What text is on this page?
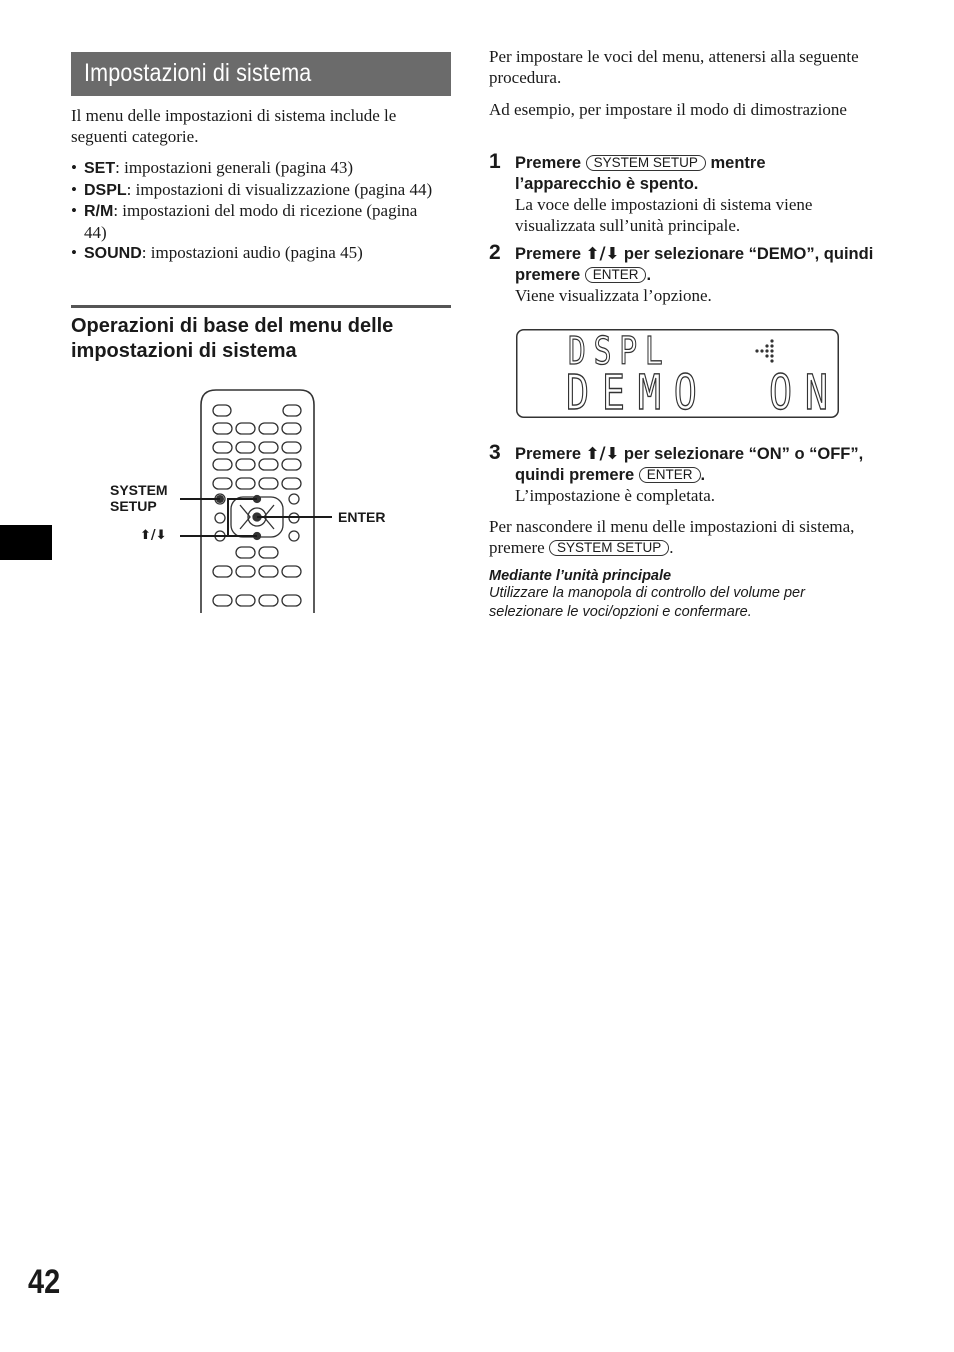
Impostazioni di sistema
Il menu delle impostazioni di sistema include le seguenti categorie.
• SET: impostazioni generali (pagina 43)
• DSPL: impostazioni di visualizzazione (pagina 44)
• R/M: impostazioni del modo di ricezione (pagina 44)
• SOUND: impostazioni audio (pagina 45)
Operazioni di base del menu delle impostazioni di sistema
SYSTEM
SETUP
ENTER
⬆/⬇
Per impostare le voci del menu, attenersi alla seguente procedura.
Ad esempio, per impostare il modo di dimostrazione
1 Premere SYSTEM SETUP mentre l’apparecchio è spento.
La voce delle impostazioni di sistema viene visualizzata sull’unità principale.
2 Premere ⬆/⬇ per selezionare “DEMO”, quindi premere ENTER .
Viene visualizzata l’opzione.
DSPL
DEMO ON
3 Premere ⬆/⬇ per selezionare “ON” o “OFF”, quindi premere ENTER .
L’impostazione è completata.
Per nascondere il menu delle impostazioni di sistema, premere SYSTEM SETUP .
Mediante l’unità principale
Utilizzare la manopola di controllo del volume per selezionare le voci/opzioni e confermare.
42
